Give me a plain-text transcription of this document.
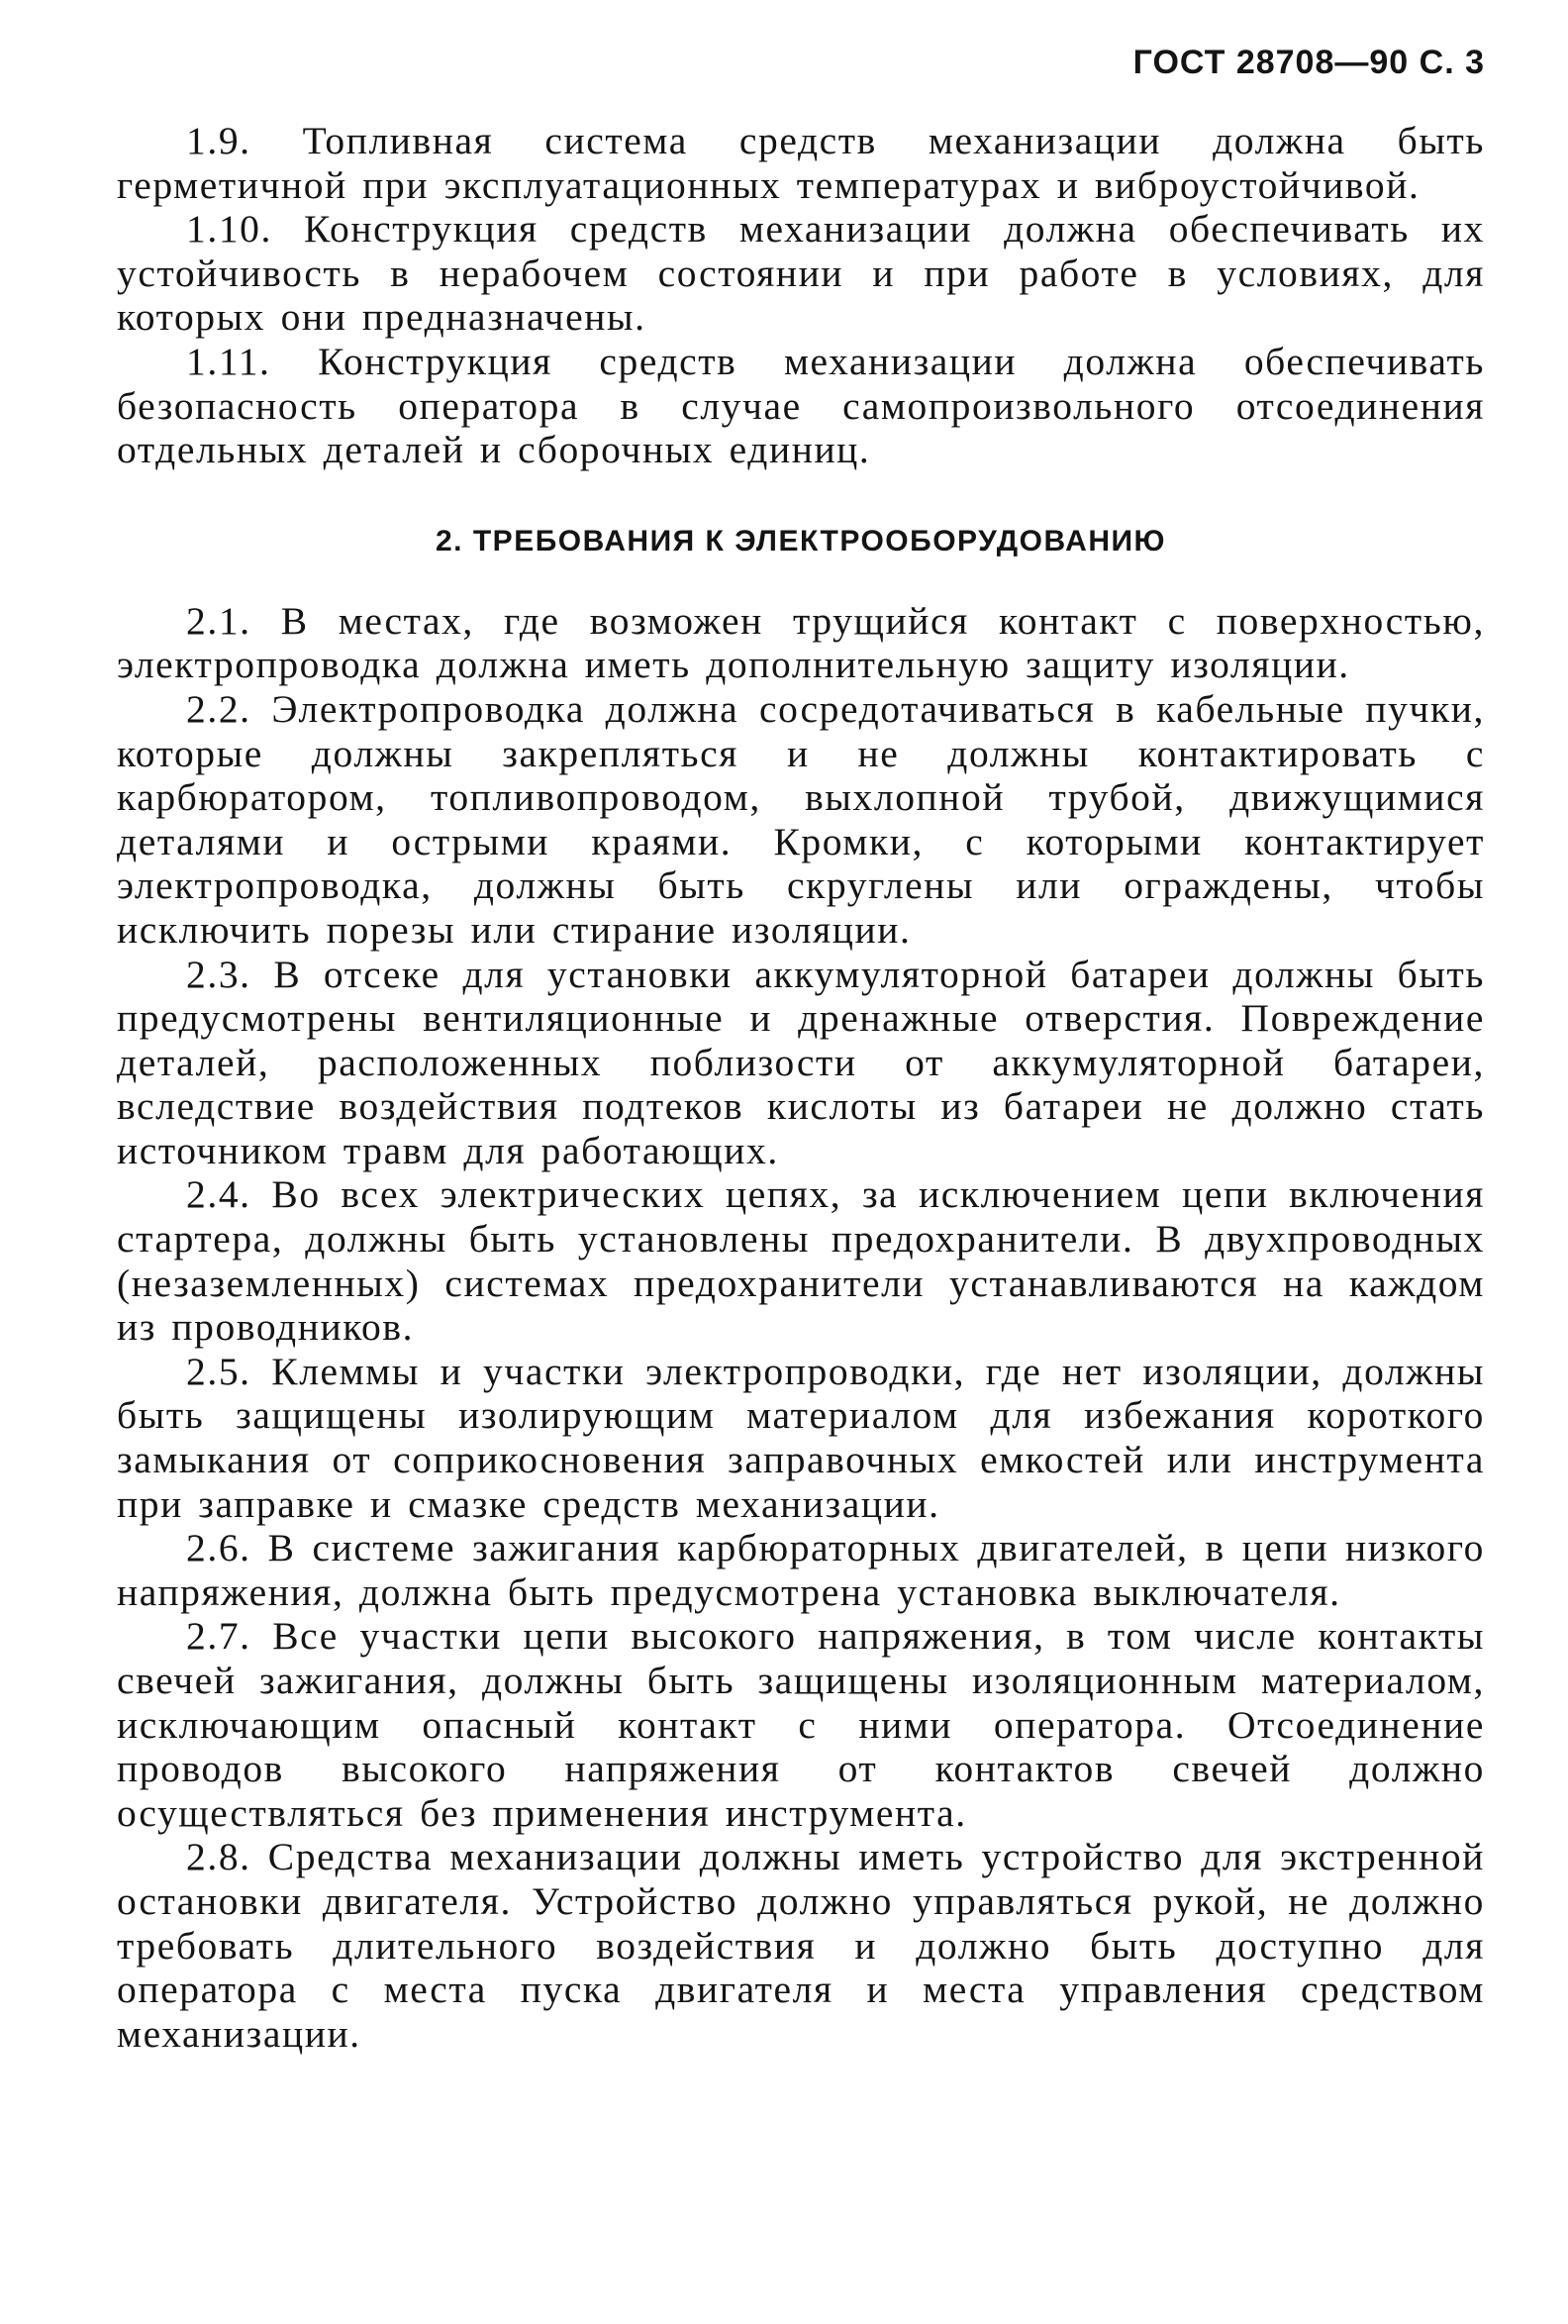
ГОСТ 28708—90 С. 3

1.9. Топливная система средств механизации должна быть герметичной при эксплуатационных температурах и виброустойчивой.

1.10. Конструкция средств механизации должна обеспечивать их устойчивость в нерабочем состоянии и при работе в условиях, для которых они предназначены.

1.11. Конструкция средств механизации должна обеспечивать безопасность оператора в случае самопроизвольного отсоединения отдельных деталей и сборочных единиц.

2. ТРЕБОВАНИЯ К ЭЛЕКТРООБОРУДОВАНИЮ

2.1. В местах, где возможен трущийся контакт с поверхностью, электропроводка должна иметь дополнительную защиту изоляции.

2.2. Электропроводка должна сосредотачиваться в кабельные пучки, которые должны закрепляться и не должны контактировать с карбюратором, топливопроводом, выхлопной трубой, движущимися деталями и острыми краями. Кромки, с которыми контактирует электропроводка, должны быть скруглены или ограждены, чтобы исключить порезы или стирание изоляции.

2.3. В отсеке для установки аккумуляторной батареи должны быть предусмотрены вентиляционные и дренажные отверстия. Повреждение деталей, расположенных поблизости от аккумуляторной батареи, вследствие воздействия подтеков кислоты из батареи не должно стать источником травм для работающих.

2.4. Во всех электрических цепях, за исключением цепи включения стартера, должны быть установлены предохранители. В двухпроводных (незаземленных) системах предохранители устанавливаются на каждом из проводников.

2.5. Клеммы и участки электропроводки, где нет изоляции, должны быть защищены изолирующим материалом для избежания короткого замыкания от соприкосновения заправочных емкостей или инструмента при заправке и смазке средств механизации.

2.6. В системе зажигания карбюраторных двигателей, в цепи низкого напряжения, должна быть предусмотрена установка выключателя.

2.7. Все участки цепи высокого напряжения, в том числе контакты свечей зажигания, должны быть защищены изоляционным материалом, исключающим опасный контакт с ними оператора. Отсоединение проводов высокого напряжения от контактов свечей должно осуществляться без применения инструмента.

2.8. Средства механизации должны иметь устройство для экстренной остановки двигателя. Устройство должно управляться рукой, не должно требовать длительного воздействия и должно быть доступно для оператора с места пуска двигателя и места управления средством механизации.
